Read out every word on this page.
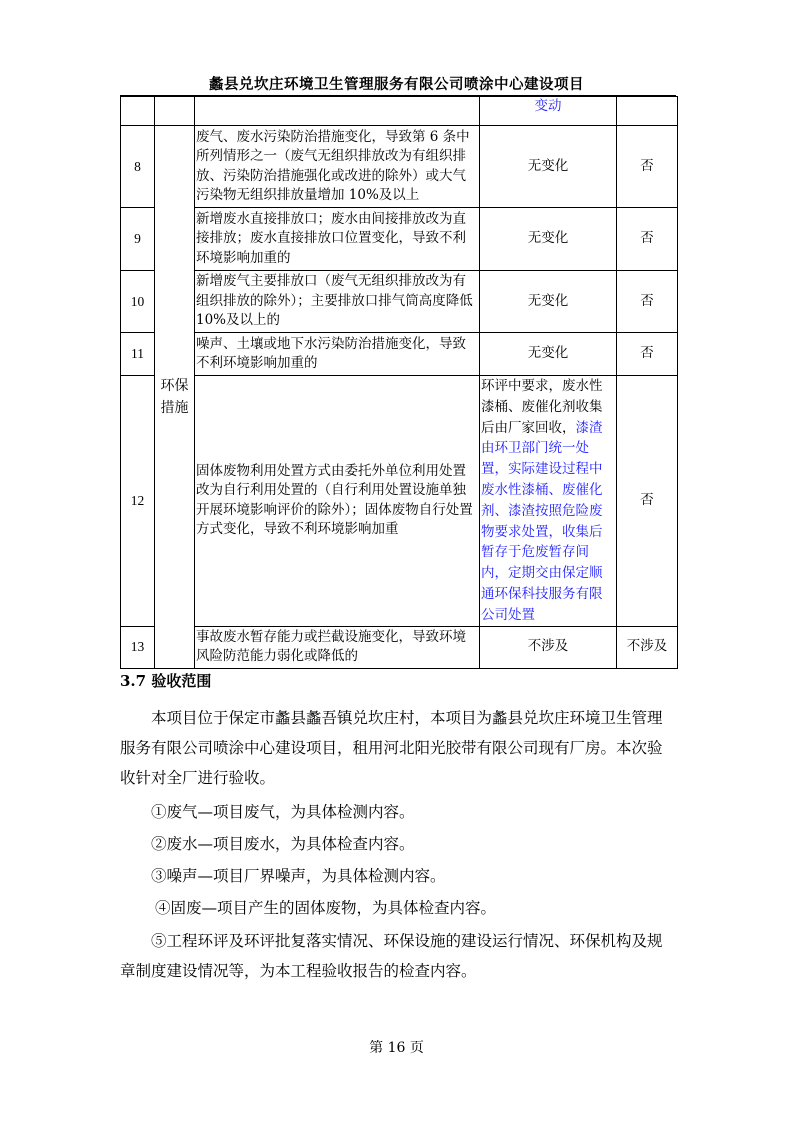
蠡县兑坎庄环境卫生管理服务有限公司喷涂中心建设项目
			变动	
8	环保措施	废气、废水污染防治措施变化，导致第 6 条中所列情形之一（废气无组织排放改为有组织排放、污染防治措施强化或改进的除外）或大气污染物无组织排放量增加 10%及以上	无变化	否
9		新增废水直接排放口；废水由间接排放改为直接排放；废水直接排放口位置变化，导致不利环境影响加重的	无变化	否
10		新增废气主要排放口（废气无组织排放改为有组织排放的除外）；主要排放口排气筒高度降低 10%及以上的	无变化	否
11		噪声、土壤或地下水污染防治措施变化，导致不利环境影响加重的	无变化	否
12		固体废物利用处置方式由委托外单位利用处置改为自行利用处置的（自行利用处置设施单独开展环境影响评价的除外）；固体废物自行处置方式变化，导致不利环境影响加重	环评中要求，废水性漆桶、废催化剂收集后由厂家回收，漆渣由环卫部门统一处置，实际建设过程中废水性漆桶、废催化剂、漆渣按照危险废物要求处置，收集后暂存于危废暂存间内，定期交由保定顺通环保科技服务有限公司处置	否
13		事故废水暂存能力或拦截设施变化，导致环境风险防范能力弱化或降低的	不涉及	不涉及
3.7 验收范围
本项目位于保定市蠡县蠡吾镇兑坎庄村，本项目为蠡县兑坎庄环境卫生管理服务有限公司喷涂中心建设项目，租用河北阳光胶带有限公司现有厂房。本次验收针对全厂进行验收。
①废气—项目废气，为具体检测内容。
②废水—项目废水，为具体检查内容。
③噪声—项目厂界噪声，为具体检测内容。
④固废—项目产生的固体废物，为具体检查内容。
⑤工程环评及环评批复落实情况、环保设施的建设运行情况、环保机构及规章制度建设情况等，为本工程验收报告的检查内容。
第 16 页
